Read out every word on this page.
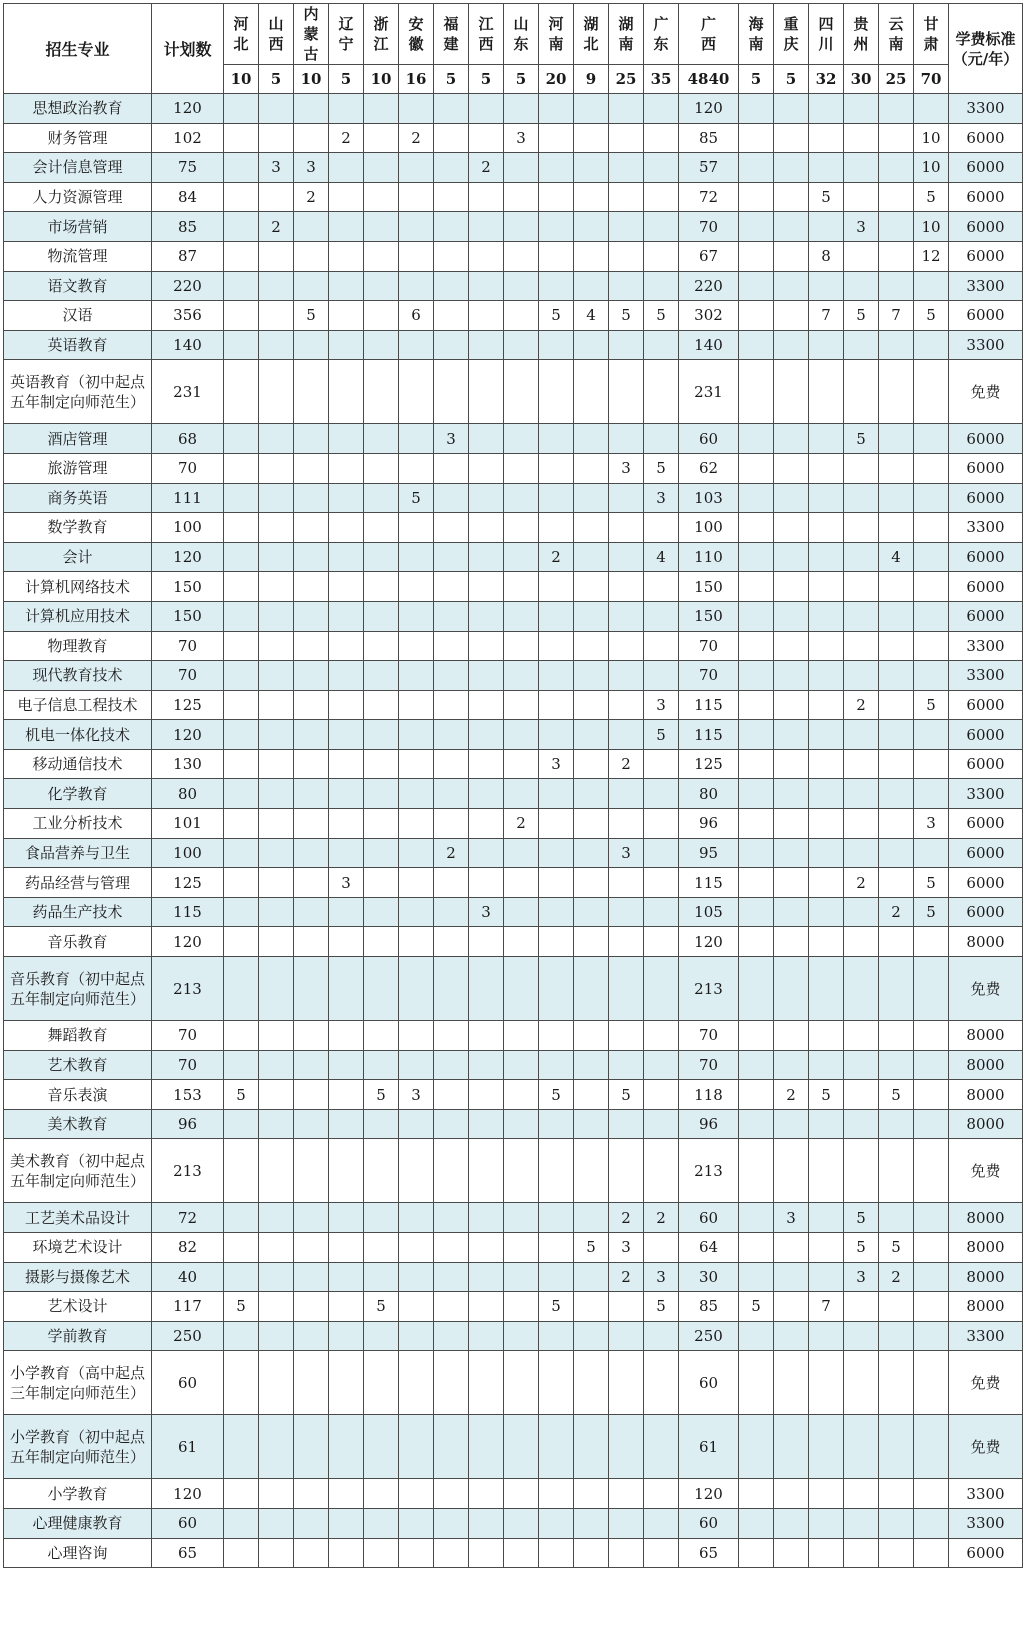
招生专业	计划数	河北	山西	内蒙古	辽宁	浙江	安徽	福建	江西	山东	河南	湖北	湖南	广东	广西	海南	重庆	四川	贵州	云南	甘肃	学费标准（元/年）
		10	5	10	5	10	16	5	5	5	20	9	25	35	4840	5	5	32	30	25	70	
思想政治教育	120														120							3300
财务管理	102				2		2			3					85						10	6000
会计信息管理	75		3	3					2						57						10	6000
人力资源管理	84			2											72			5			5	6000
市场营销	85		2												70				3		10	6000
物流管理	87														67			8			12	6000
语文教育	220														220							3300
汉语	356			5			6				5	4	5	5	302			7	5	7	5	6000
英语教育	140														140							3300
英语教育（初中起点五年制定向师范生）	231														231							免费
酒店管理	68							3							60				5			6000
旅游管理	70												3	5	62							6000
商务英语	111						5							3	103							6000
数学教育	100														100							3300
会计	120										2			4	110					4		6000
计算机网络技术	150														150							6000
计算机应用技术	150														150							6000
物理教育	70														70							3300
现代教育技术	70														70							3300
电子信息工程技术	125													3	115				2		5	6000
机电一体化技术	120													5	115							6000
移动通信技术	130										3		2		125							6000
化学教育	80														80							3300
工业分析技术	101									2					96						3	6000
食品营养与卫生	100							2					3		95							6000
药品经营与管理	125				3										115				2		5	6000
药品生产技术	115								3						105					2	5	6000
音乐教育	120														120							8000
音乐教育（初中起点五年制定向师范生）	213														213							免费
舞蹈教育	70														70							8000
艺术教育	70														70							8000
音乐表演	153	5				5	3				5		5		118		2	5		5		8000
美术教育	96														96							8000
美术教育（初中起点五年制定向师范生）	213														213							免费
工艺美术品设计	72												2	2	60		3		5			8000
环境艺术设计	82											5	3		64				5	5		8000
摄影与摄像艺术	40												2	3	30				3	2		8000
艺术设计	117	5				5					5			5	85	5		7				8000
学前教育	250														250							3300
小学教育（高中起点三年制定向师范生）	60														60							免费
小学教育（初中起点五年制定向师范生）	61														61							免费
小学教育	120														120							3300
心理健康教育	60														60							3300
心理咨询	65														65							6000
